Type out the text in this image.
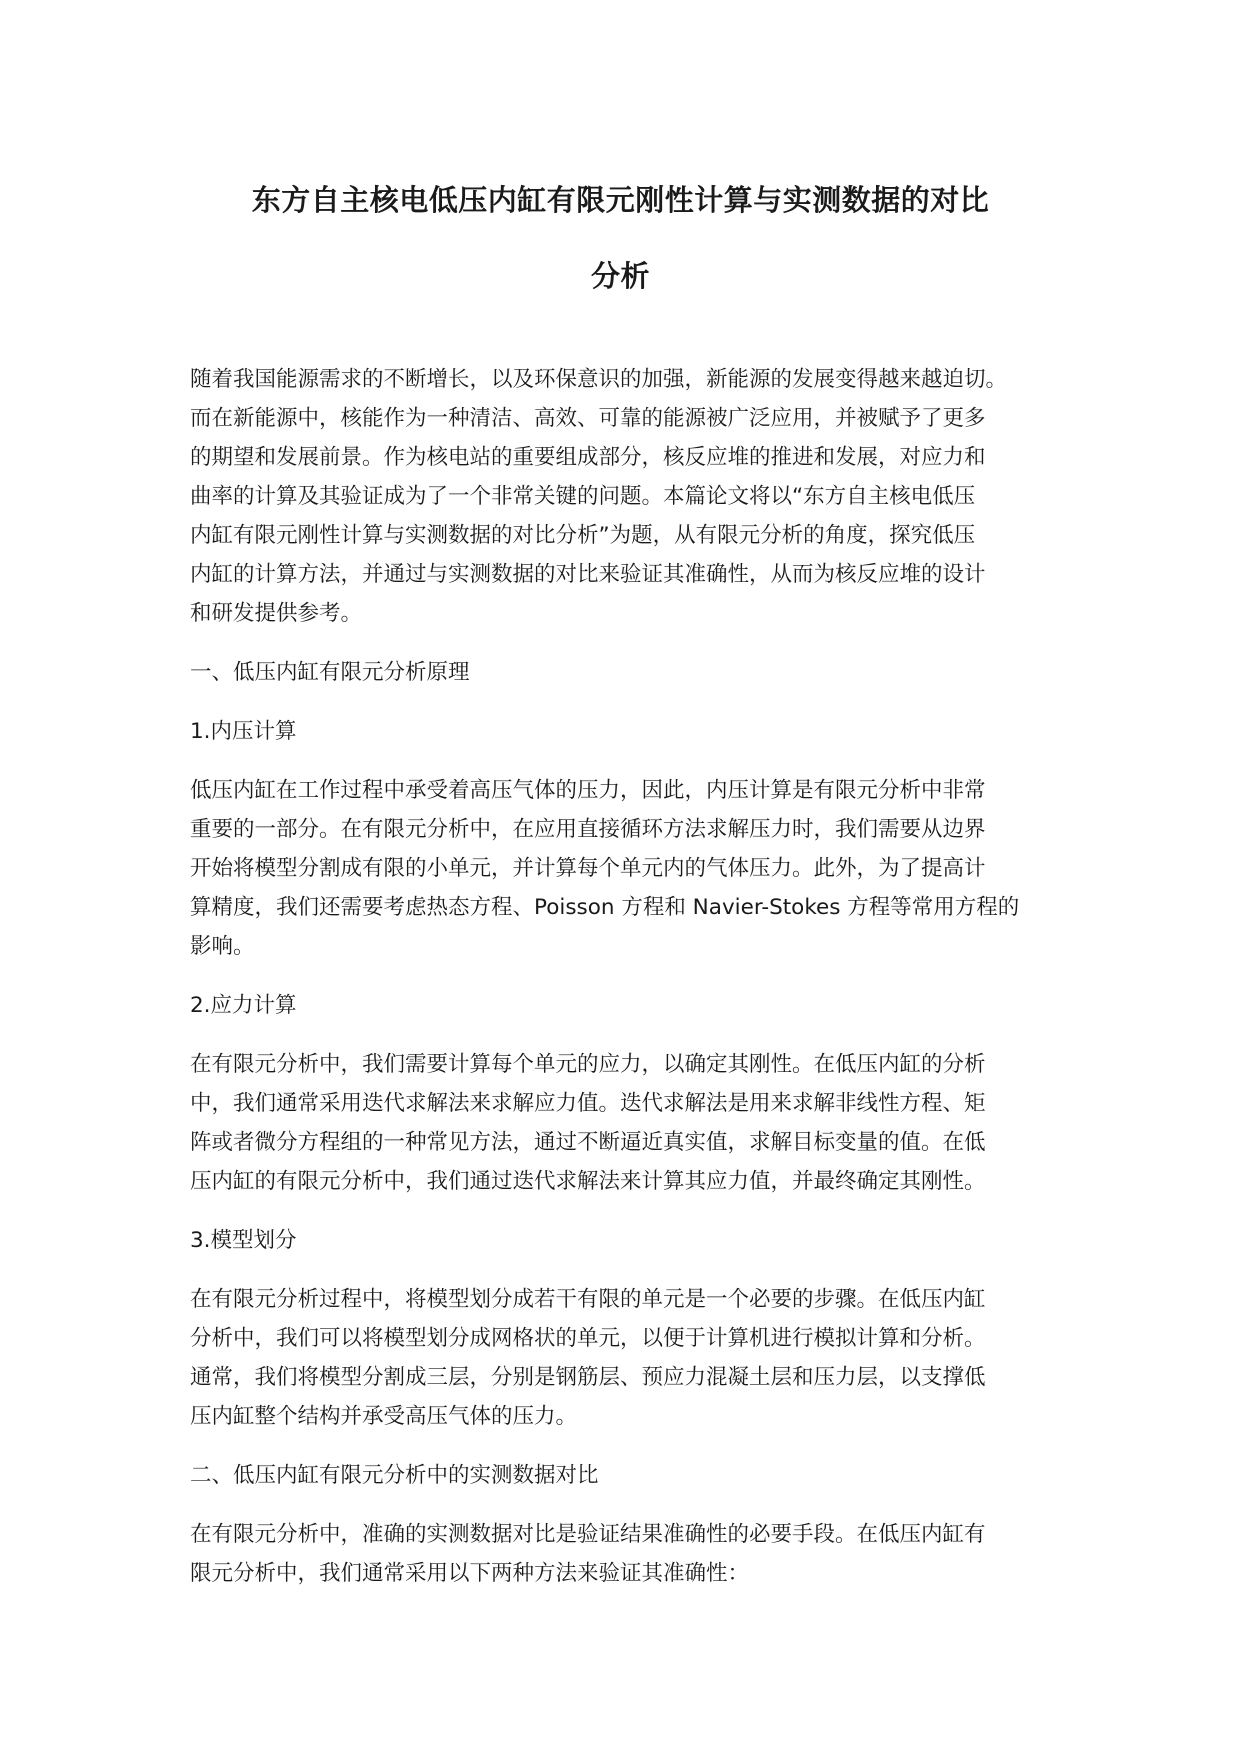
东方自主核电低压内缸有限元刚性计算与实测数据的对比
分析
随着我国能源需求的不断增长，以及环保意识的加强，新能源的发展变得越来越迫切。
而在新能源中，核能作为一种清洁、高效、可靠的能源被广泛应用，并被赋予了更多
的期望和发展前景。作为核电站的重要组成部分，核反应堆的推进和发展，对应力和
曲率的计算及其验证成为了一个非常关键的问题。本篇论文将以“东方自主核电低压
内缸有限元刚性计算与实测数据的对比分析”为题，从有限元分析的角度，探究低压
内缸的计算方法，并通过与实测数据的对比来验证其准确性，从而为核反应堆的设计
和研发提供参考。
一、低压内缸有限元分析原理
1.内压计算
低压内缸在工作过程中承受着高压气体的压力，因此，内压计算是有限元分析中非常
重要的一部分。在有限元分析中，在应用直接循环方法求解压力时，我们需要从边界
开始将模型分割成有限的小单元，并计算每个单元内的气体压力。此外，为了提高计
算精度，我们还需要考虑热态方程、Poisson 方程和 Navier-Stokes 方程等常用方程的
影响。
2.应力计算
在有限元分析中，我们需要计算每个单元的应力，以确定其刚性。在低压内缸的分析
中，我们通常采用迭代求解法来求解应力值。迭代求解法是用来求解非线性方程、矩
阵或者微分方程组的一种常见方法，通过不断逼近真实值，求解目标变量的值。在低
压内缸的有限元分析中，我们通过迭代求解法来计算其应力值，并最终确定其刚性。
3.模型划分
在有限元分析过程中，将模型划分成若干有限的单元是一个必要的步骤。在低压内缸
分析中，我们可以将模型划分成网格状的单元，以便于计算机进行模拟计算和分析。
通常，我们将模型分割成三层，分别是钢筋层、预应力混凝土层和压力层，以支撑低
压内缸整个结构并承受高压气体的压力。
二、低压内缸有限元分析中的实测数据对比
在有限元分析中，准确的实测数据对比是验证结果准确性的必要手段。在低压内缸有
限元分析中，我们通常采用以下两种方法来验证其准确性：
